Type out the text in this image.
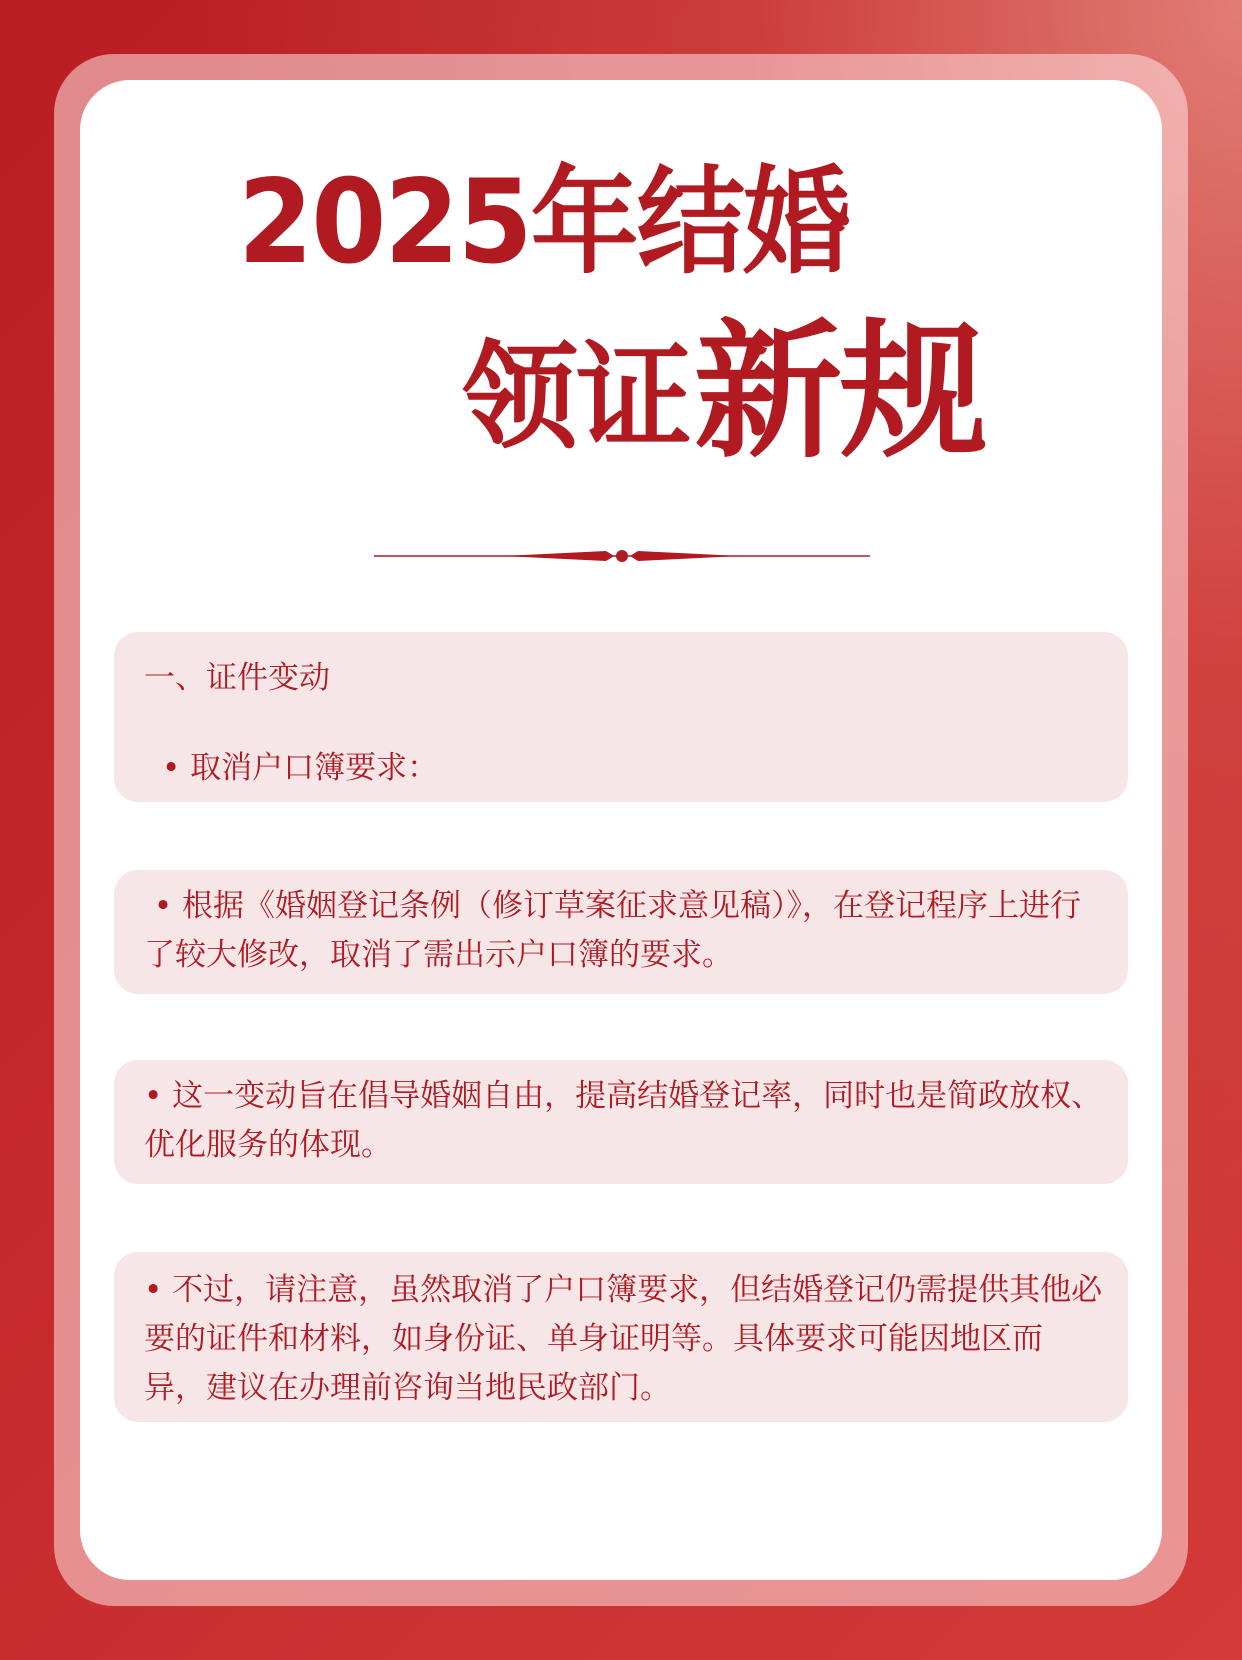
2025年结婚
领证新规
一、证件变动
• 取消户口簿要求：

• 根据《婚姻登记条例（修订草案征求意见稿）》，在登记程序上进行了较大修改，取消了需出示户口簿的要求。

• 这一变动旨在倡导婚姻自由，提高结婚登记率，同时也是简政放权、优化服务的体现。

• 不过，请注意，虽然取消了户口簿要求，但结婚登记仍需提供其他必要的证件和材料，如身份证、单身证明等。具体要求可能因地区而异，建议在办理前咨询当地民政部门。
